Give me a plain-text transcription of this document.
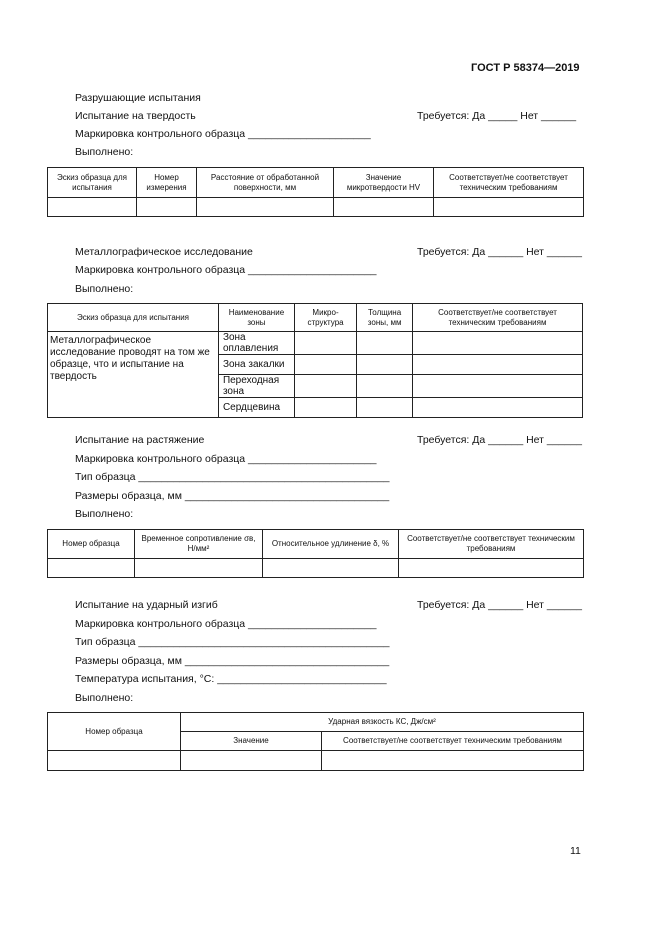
ГОСТ Р 58374—2019
Разрушающие испытания
Испытание на твердость	Требуется: Да _____ Нет ______
Маркировка контрольного образца _____________________
Выполнено:
Эскиз образца для испытания	Номер измерения	Расстояние от обработанной поверхности, мм	Значение микротвердости HV	Соответствует/не соответствует техническим требованиям

Металлографическое исследование	Требуется: Да ______ Нет ______
Маркировка контрольного образца ______________________
Выполнено:
Эскиз образца для испытания	Наименование зоны	Микро-структура	Толщина зоны, мм	Соответствует/не соответствует техническим требованиям
Металлографическое исследование проводят на том же образце, что и испытание на твердость	Зона оплавления			
	Зона закалки			
	Переходная зона			
	Сердцевина			
Испытание на растяжение	Требуется: Да ______ Нет ______
Маркировка контрольного образца ______________________
Тип образца ___________________________________________
Размеры образца, мм ___________________________________
Выполнено:
Номер образца	Временное сопротивление σв, Н/мм²	Относительное удлинение δ, %	Соответствует/не соответствует техническим требованиям

Испытание на ударный изгиб	Требуется: Да ______ Нет ______
Маркировка контрольного образца ______________________
Тип образца ___________________________________________
Размеры образца, мм ___________________________________
Температура испытания, °C: _____________________________
Выполнено:
Номер образца	Ударная вязкость КС, Дж/см²	
	Значение	Соответствует/не соответствует техническим требованиям

11
